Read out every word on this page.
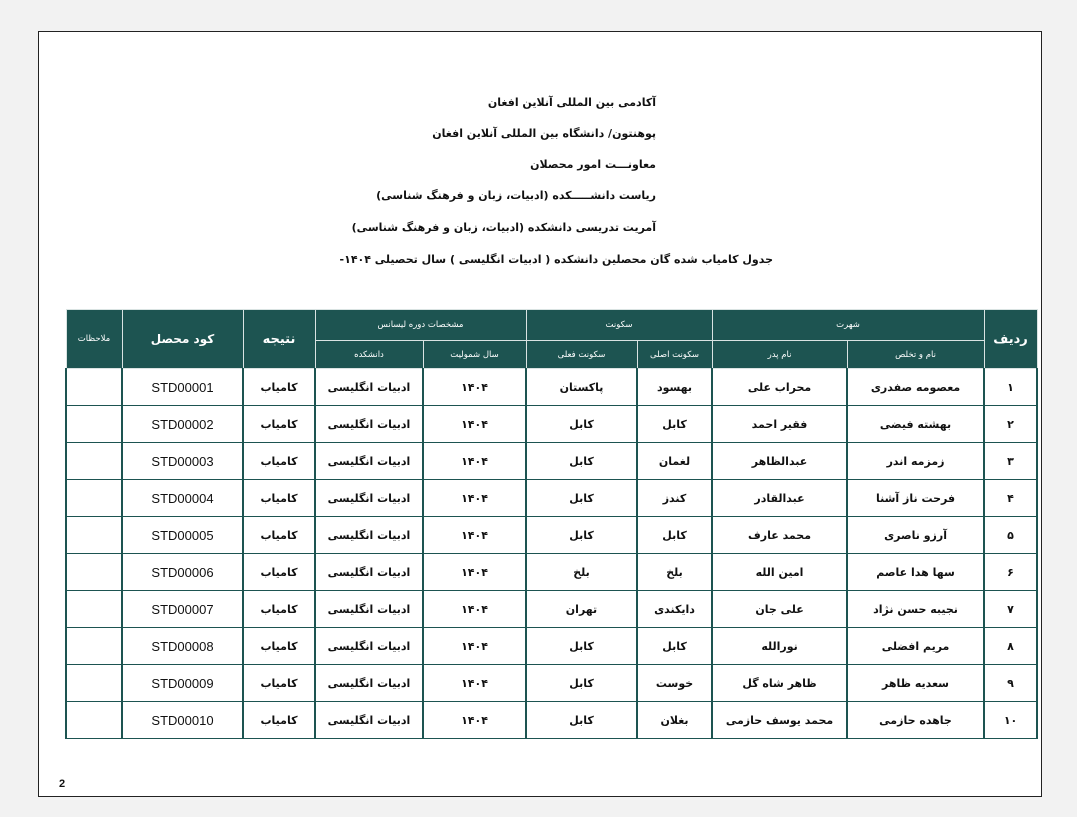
آکادمی بین المللی آنلاین افغان
پوهنتون/ دانشگاه بین المللی آنلاین افغان
معاونـــت امور محصلان
ریاست دانشـــــکده (ادبیات، زبان و فرهنگ شناسی)
آمریت تدریسی دانشکده (ادبیات، زبان و فرهنگ شناسی)
جدول کامیاب شده گان محصلین دانشکده ( ادبیات انگلیسی ) سال تحصیلی ۱۴۰۴-
ردیف	شهرت		سکونت		مشخصات دوره لیسانس		نتیجه	کود محصل	ملاحظات
	نام و تخلص	نام پدر	سکونت اصلی	سکونت فعلی	سال شمولیت	دانشکده			
۱	معصومه صفدری	محراب علی	بهسود	پاکستان	۱۴۰۴	ادبیات انگلیسی	کامیاب	STD00001	
۲	بهشته فیضی	فقیر احمد	کابل	کابل	۱۴۰۴	ادبیات انگلیسی	کامیاب	STD00002	
۳	زمزمه اندر	عبدالظاهر	لغمان	کابل	۱۴۰۴	ادبیات انگلیسی	کامیاب	STD00003	
۴	فرحت ناز آشنا	عبدالقادر	کندز	کابل	۱۴۰۴	ادبیات انگلیسی	کامیاب	STD00004	
۵	آرزو ناصری	محمد عارف	کابل	کابل	۱۴۰۴	ادبیات انگلیسی	کامیاب	STD00005	
۶	سها هدا عاصم	امین الله	بلخ	بلخ	۱۴۰۴	ادبیات انگلیسی	کامیاب	STD00006	
۷	نجیبه حسن نژاد	علی جان	دایکندی	تهران	۱۴۰۴	ادبیات انگلیسی	کامیاب	STD00007	
۸	مریم افضلی	نورالله	کابل	کابل	۱۴۰۴	ادبیات انگلیسی	کامیاب	STD00008	
۹	سعدیه ظاهر	ظاهر شاه گل	خوست	کابل	۱۴۰۴	ادبیات انگلیسی	کامیاب	STD00009	
۱۰	جاهده حازمی	محمد یوسف حازمی	بغلان	کابل	۱۴۰۴	ادبیات انگلیسی	کامیاب	STD00010	
2
